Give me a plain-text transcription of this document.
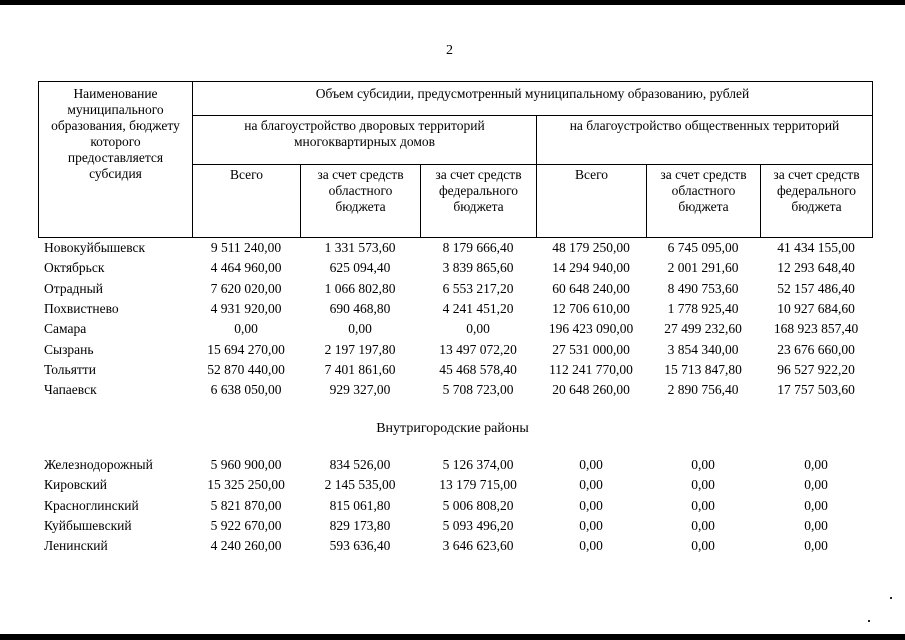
2
Наименование муниципального образования, бюджету которого предоставляется субсидия	Объем субсидии, предусмотренный муниципальному образованию, рублей					
	на благоустройство дворовых территорий многоквартирных домов			на благоустройство общественных территорий		
	Всего	за счет средств областного бюджета	за счет средств федерального бюджета	Всего	за счет средств областного бюджета	за счет средств федерального бюджета
Новокуйбышевск	9 511 240,00	1 331 573,60	8 179 666,40	48 179 250,00	6 745 095,00	41 434 155,00
Октябрьск	4 464 960,00	625 094,40	3 839 865,60	14 294 940,00	2 001 291,60	12 293 648,40
Отрадный	7 620 020,00	1 066 802,80	6 553 217,20	60 648 240,00	8 490 753,60	52 157 486,40
Похвистнево	4 931 920,00	690 468,80	4 241 451,20	12 706 610,00	1 778 925,40	10 927 684,60
Самара	0,00	0,00	0,00	196 423 090,00	27 499 232,60	168 923 857,40
Сызрань	15 694 270,00	2 197 197,80	13 497 072,20	27 531 000,00	3 854 340,00	23 676 660,00
Тольятти	52 870 440,00	7 401 861,60	45 468 578,40	112 241 770,00	15 713 847,80	96 527 922,20
Чапаевск	6 638 050,00	929 327,00	5 708 723,00	20 648 260,00	2 890 756,40	17 757 503,60
Внутригородские районы
Железнодорожный	5 960 900,00	834 526,00	5 126 374,00	0,00	0,00	0,00
Кировский	15 325 250,00	2 145 535,00	13 179 715,00	0,00	0,00	0,00
Красноглинский	5 821 870,00	815 061,80	5 006 808,20	0,00	0,00	0,00
Куйбышевский	5 922 670,00	829 173,80	5 093 496,20	0,00	0,00	0,00
Ленинский	4 240 260,00	593 636,40	3 646 623,60	0,00	0,00	0,00
